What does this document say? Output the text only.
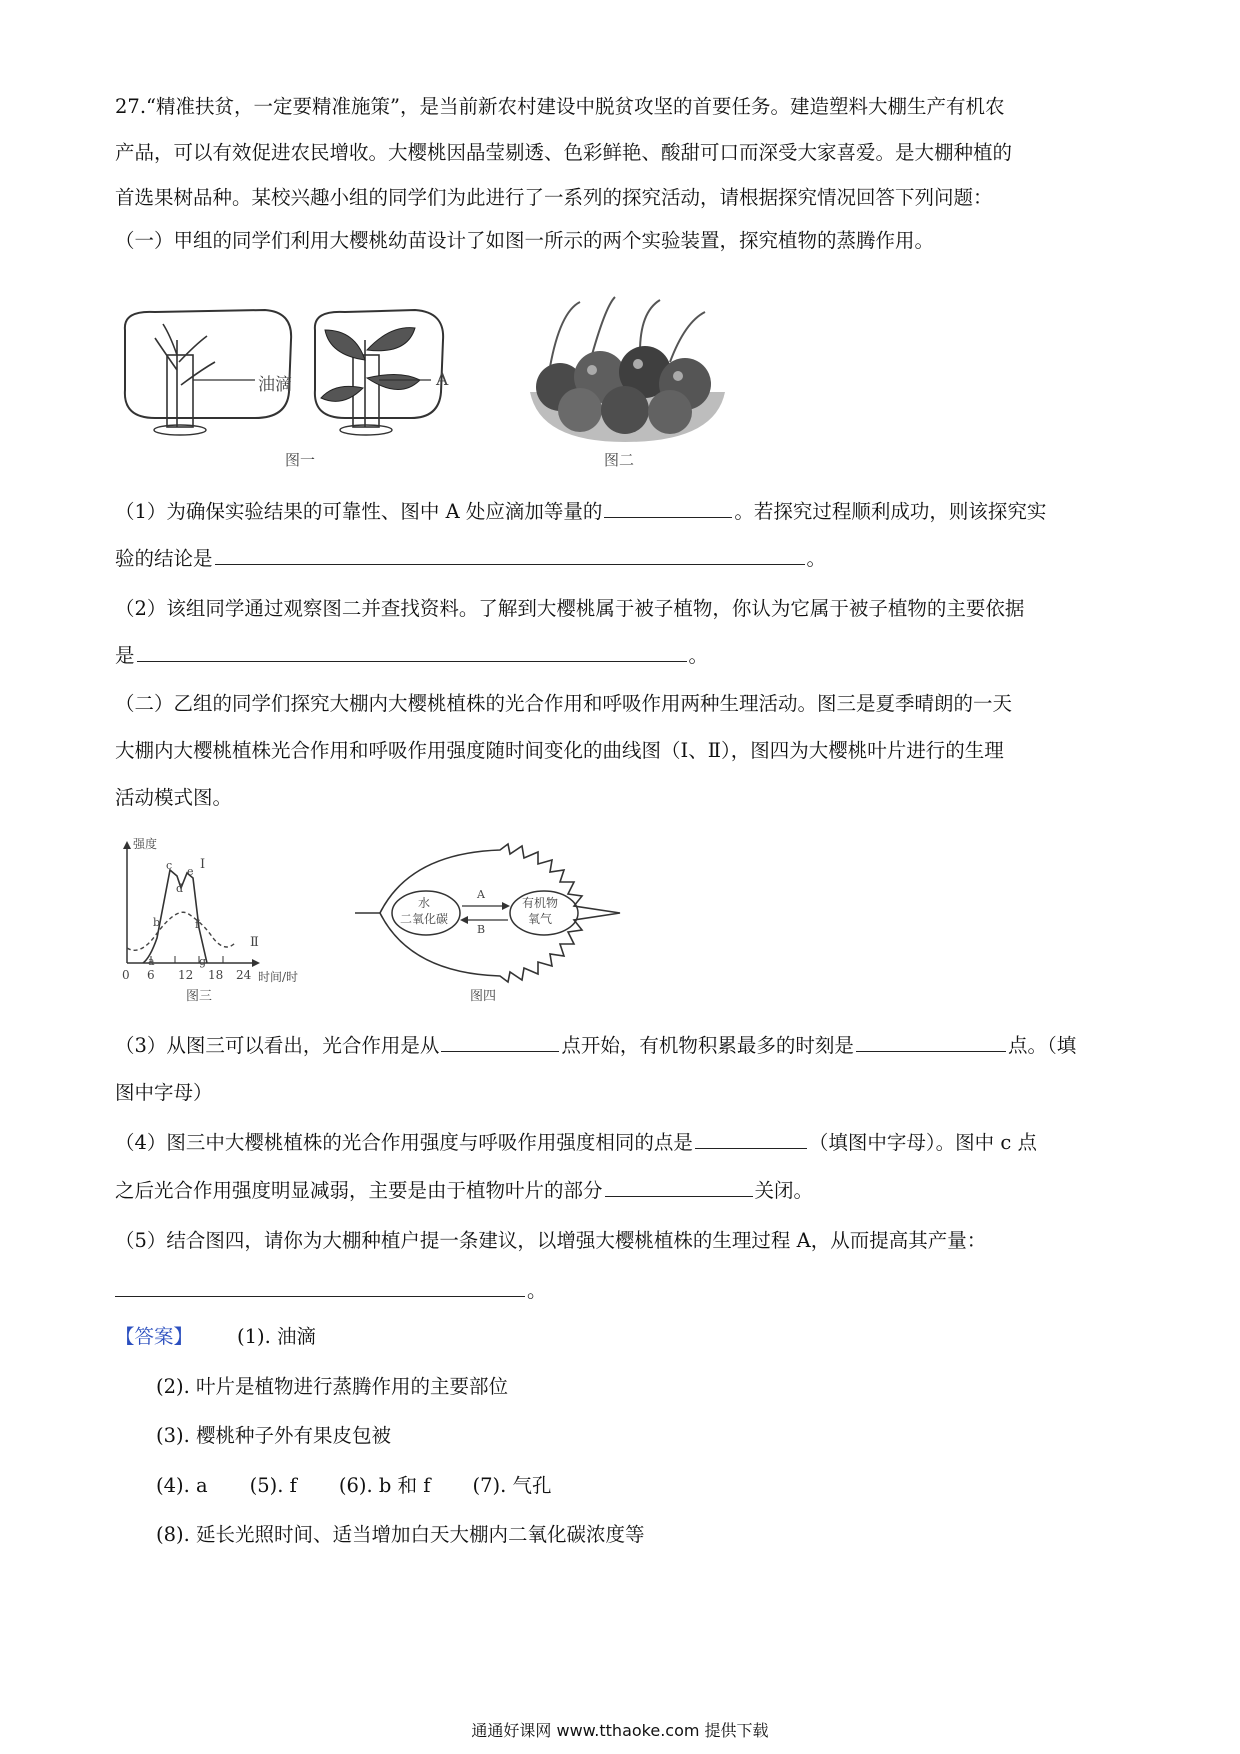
27.“精准扶贫，一定要精准施策”，是当前新农村建设中脱贫攻坚的首要任务。建造塑料大棚生产有机农
产品，可以有效促进农民增收。大樱桃因晶莹剔透、色彩鲜艳、酸甜可口而深受大家喜爱。是大棚种植的
首选果树品种。某校兴趣小组的同学们为此进行了一系列的探究活动，请根据探究情况回答下列问题：
（一）甲组的同学们利用大樱桃幼苗设计了如图一所示的两个实验装置，探究植物的蒸腾作用。
油滴	A
图一	图二
（1）为确保实验结果的可靠性、图中 A 处应滴加等量的	。若探究过程顺利成功，则该探究实
验的结论是	。
（2）该组同学通过观察图二并查找资料。了解到大樱桃属于被子植物，你认为它属于被子植物的主要依据
是	。
（二）乙组的同学们探究大棚内大樱桃植株的光合作用和呼吸作用两种生理活动。图三是夏季晴朗的一天
大棚内大樱桃植株光合作用和呼吸作用强度随时间变化的曲线图（Ⅰ、Ⅱ），图四为大樱桃叶片进行的生理
活动模式图。
强度
a
b
c
d
e
f
g
Ⅰ
Ⅱ
0 6 12 18 24 时间/时
图三
水
二氧化碳
有机物
氧气
A
B
图四
（3）从图三可以看出，光合作用是从	点开始，有机物积累最多的时刻是	点。（填
图中字母）
（4）图三中大樱桃植株的光合作用强度与呼吸作用强度相同的点是	（填图中字母）。图中 c 点
之后光合作用强度明显减弱，主要是由于植物叶片的部分	关闭。
（5）结合图四，请你为大棚种植户提一条建议，以增强大樱桃植株的生理过程 A，从而提高其产量：
。
【答案】 (1). 油滴
(2). 叶片是植物进行蒸腾作用的主要部位
(3). 樱桃种子外有果皮包被
(4). a (5). f (6). b 和 f (7). 气孔
(8). 延长光照时间、适当增加白天大棚内二氧化碳浓度等
通通好课网 www.tthaoke.com 提供下载
